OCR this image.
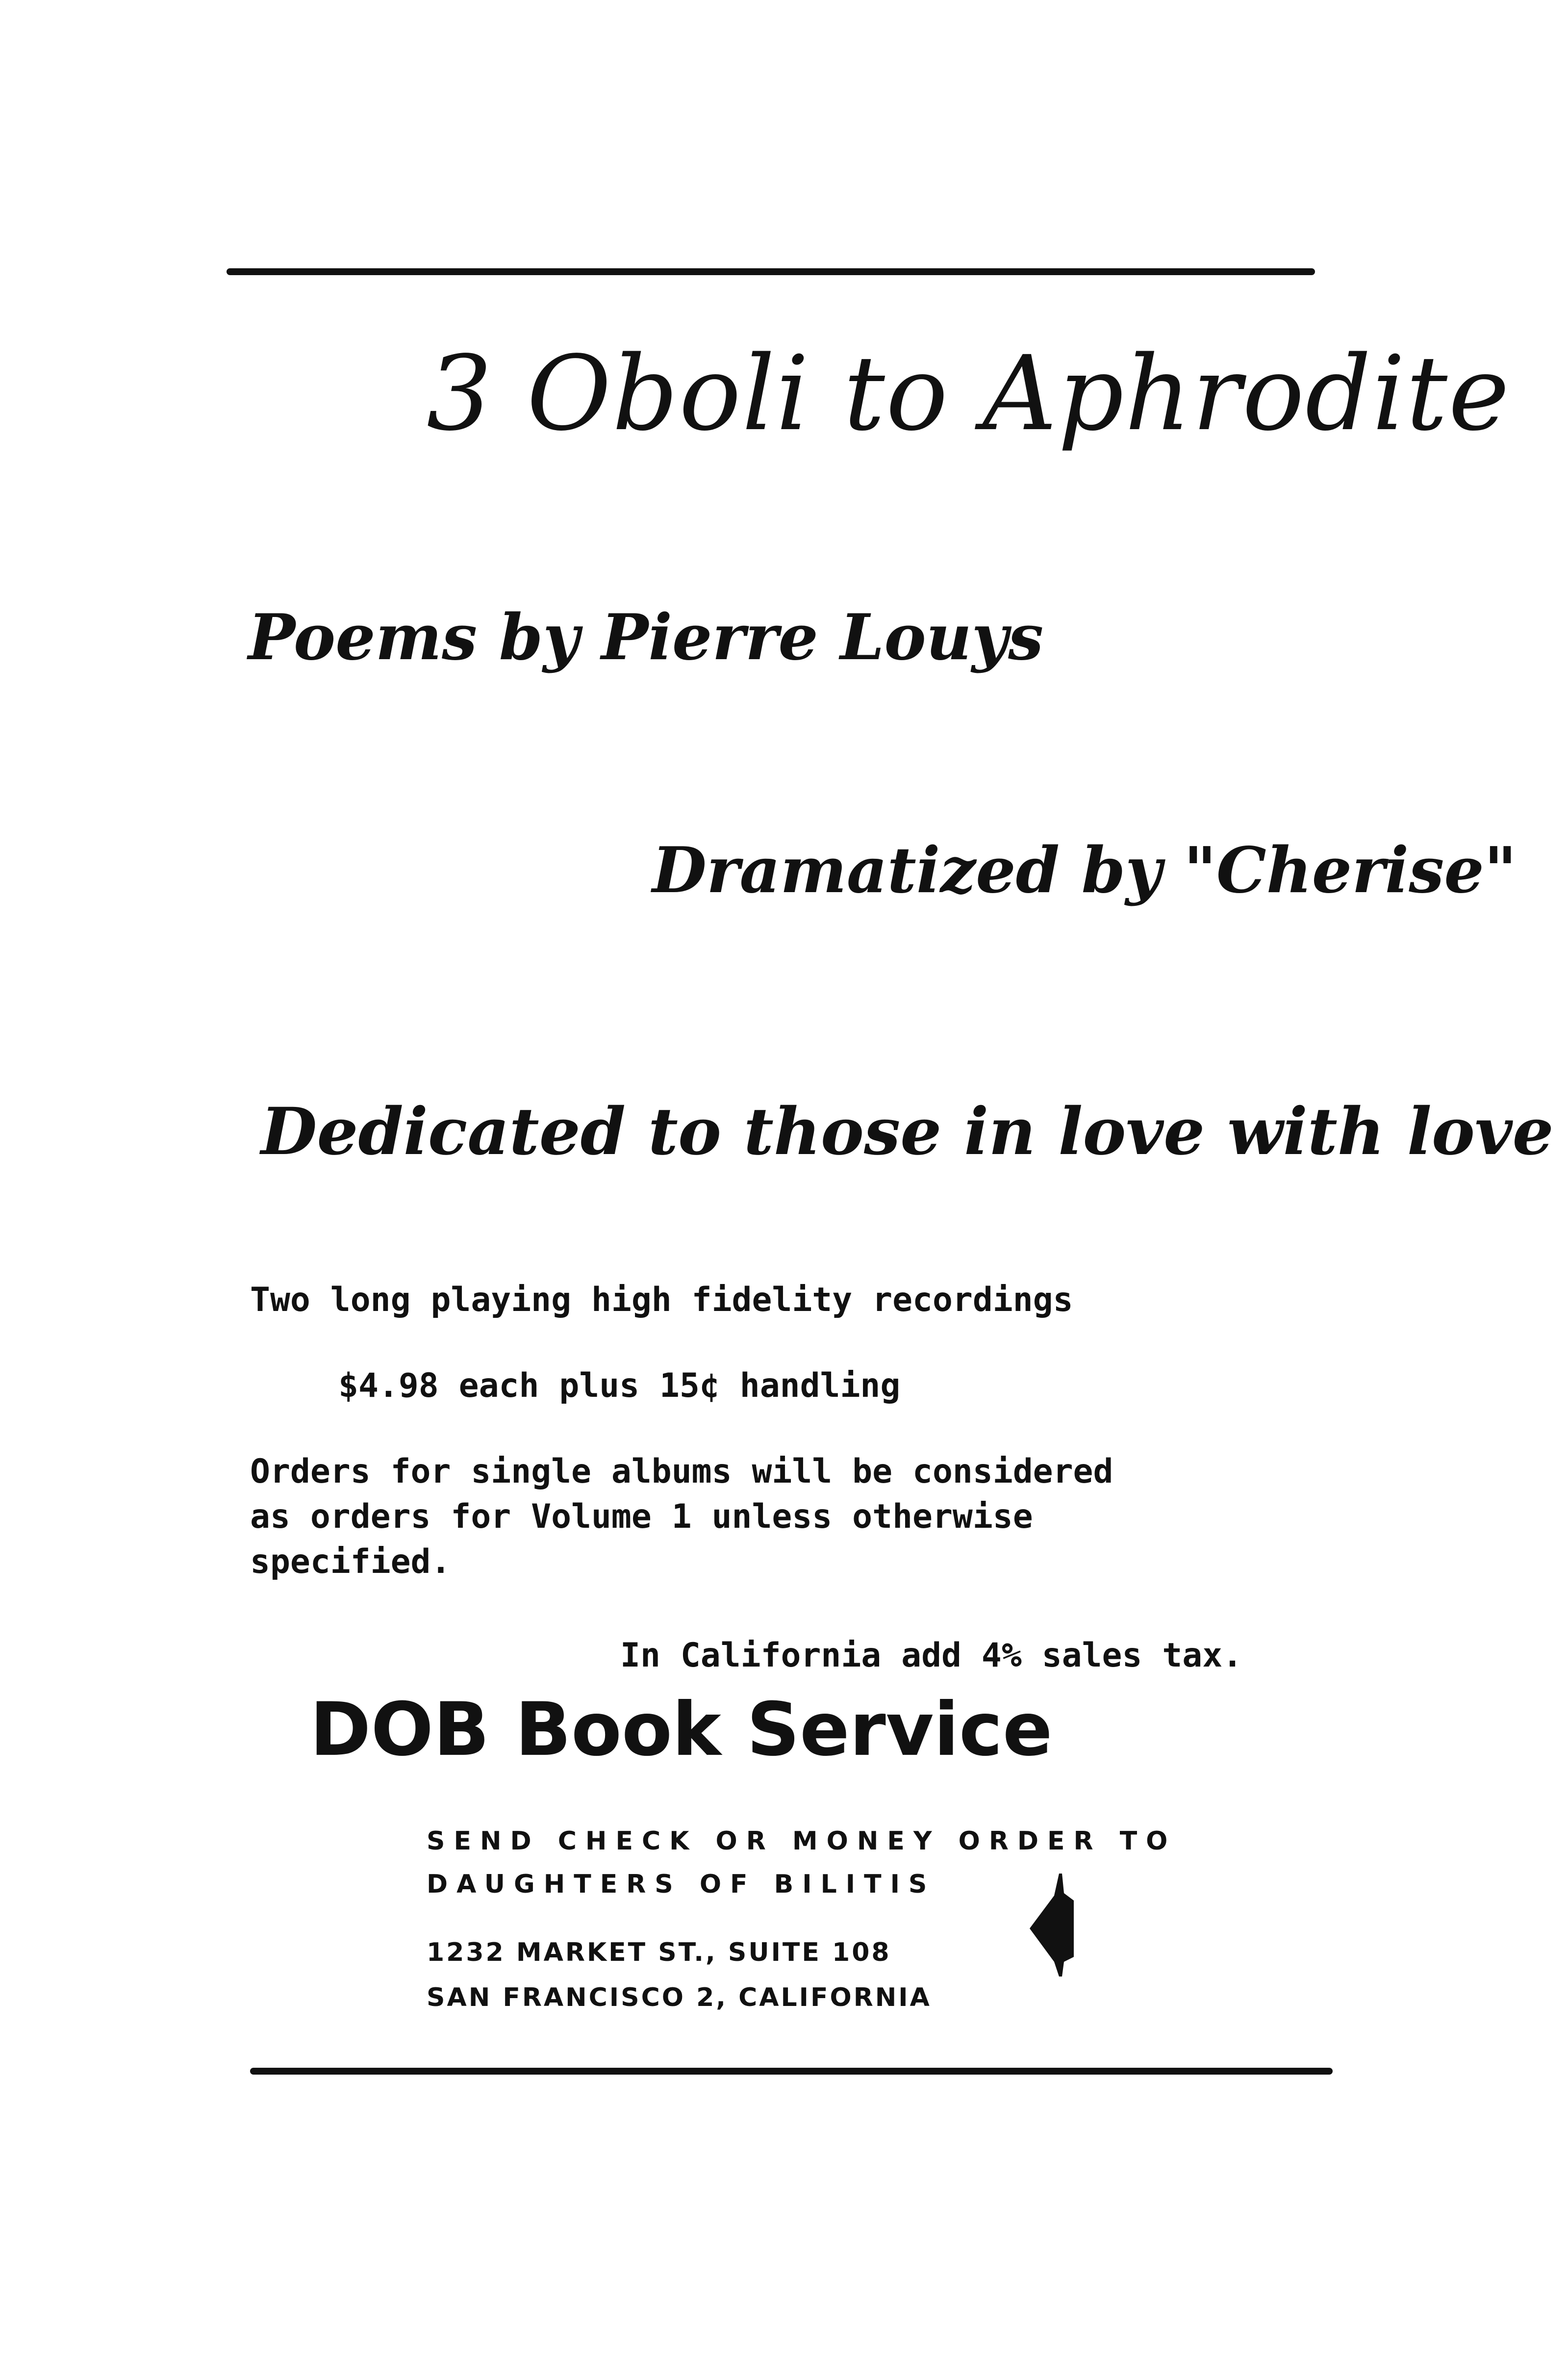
3 Oboli to Aphrodite

Poems by Pierre Louys

Dramatized by "Cherise"

Dedicated to those in love with love

Two long playing high fidelity recordings

$4.98 each plus 15¢ handling

Orders for single albums will be considered
as orders for Volume 1 unless otherwise
specified.

In California add 4% sales tax.

DOB Book Service

SEND CHECK OR MONEY ORDER TO
DAUGHTERS OF BILITIS

1232 MARKET ST., SUITE 108
SAN FRANCISCO 2, CALIFORNIA
